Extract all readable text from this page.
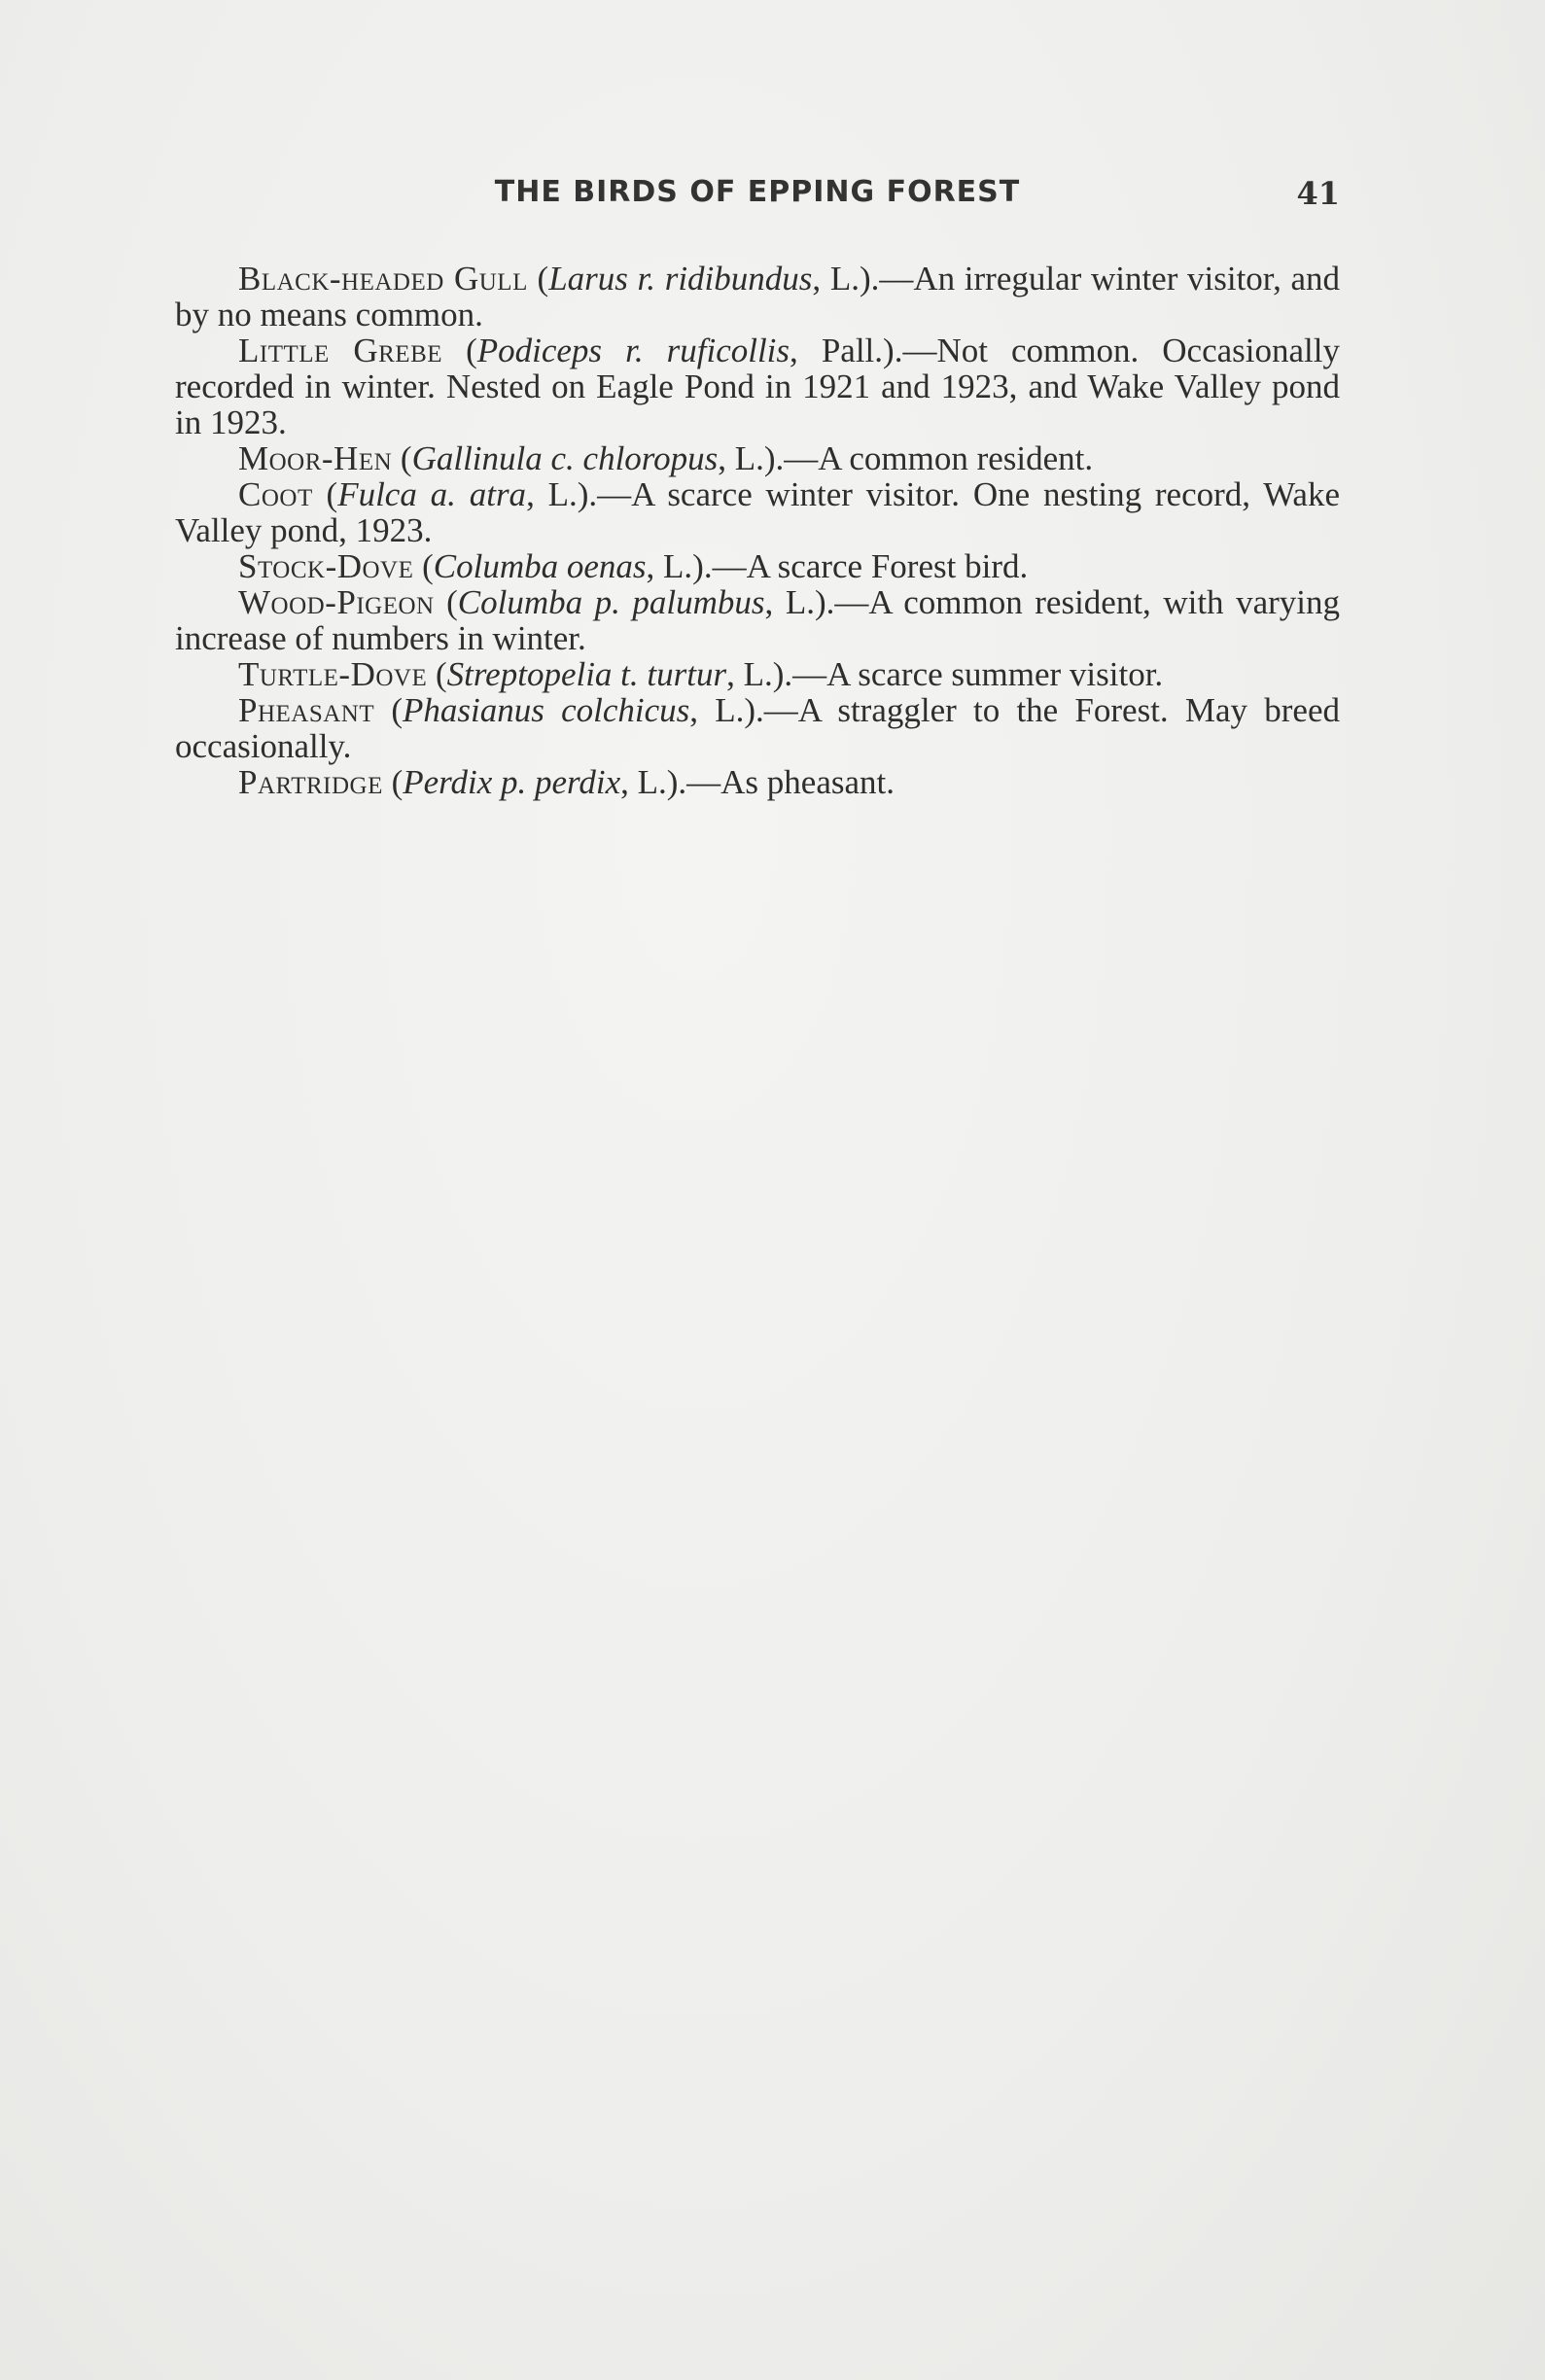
THE BIRDS OF EPPING FOREST	41

Black-headed Gull (Larus r. ridibundus, L.).—An irregular winter visitor, and by no means common.

Little Grebe (Podiceps r. ruficollis, Pall.).—Not common. Occasionally recorded in winter. Nested on Eagle Pond in 1921 and 1923, and Wake Valley pond in 1923.

Moor-Hen (Gallinula c. chloropus, L.).—A common resident.

Coot (Fulca a. atra, L.).—A scarce winter visitor. One nesting record, Wake Valley pond, 1923.

Stock-Dove (Columba oenas, L.).—A scarce Forest bird.

Wood-Pigeon (Columba p. palumbus, L.).—A common resident, with varying increase of numbers in winter.

Turtle-Dove (Streptopelia t. turtur, L.).—A scarce summer visitor.

Pheasant (Phasianus colchicus, L.).—A straggler to the Forest. May breed occasionally.

Partridge (Perdix p. perdix, L.).—As pheasant.
